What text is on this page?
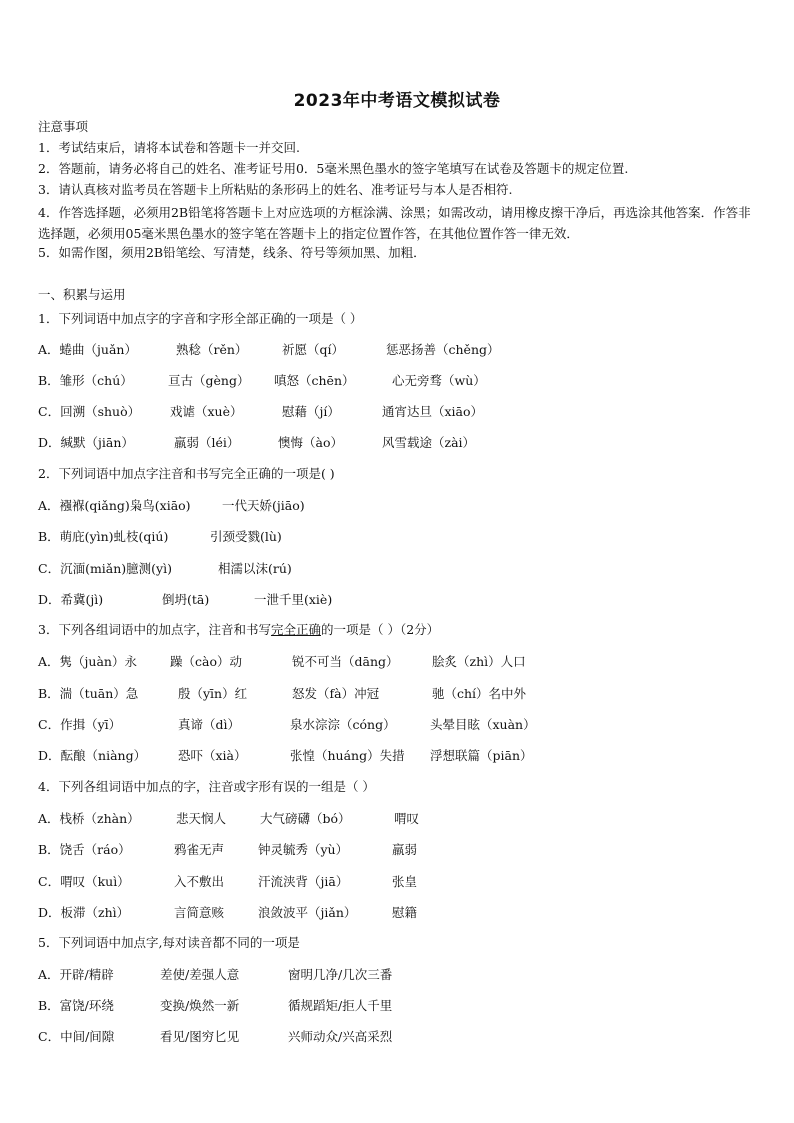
2023年中考语文模拟试卷
注意事项
1．考试结束后，请将本试卷和答题卡一并交回.
2．答题前，请务必将自己的姓名、准考证号用0．5毫米黑色墨水的签字笔填写在试卷及答题卡的规定位置.
3．请认真核对监考员在答题卡上所粘贴的条形码上的姓名、准考证号与本人是否相符.
4．作答选择题，必须用2B铅笔将答题卡上对应选项的方框涂满、涂黑；如需改动，请用橡皮擦干净后，再选涂其他答案．作答非选择题，必须用05毫米黑色墨水的签字笔在答题卡上的指定位置作答，在其他位置作答一律无效．
5．如需作图，须用2B铅笔绘、写清楚，线条、符号等须加黑、加粗．
一、积累与运用
1．下列词语中加点字的字音和字形全部正确的一项是（ ）
A．蜷曲（juǎn）	熟稔（rěn）	祈愿（qí）	惩恶扬善（chěng）
B．雏形（chú）	亘古（gèng） 嗔怒（chēn）	心无旁骛（wù）
C．回溯（shuò） 戏谑（xuè）	慰藉（jí）	通宵达旦（xiāo）
D．缄默（jiān）	羸弱（léi）	懊悔（ào）	风雪载途（zài）
2．下列词语中加点字注音和书写完全正确的一项是( )
A．襁褓(qiǎng)枭鸟(xiāo)	一代天娇(jiāo)
B．萌庇(yìn)虬枝(qiú)	引颈受戮(lù)
C．沉湎(miǎn)臆测(yì)	相濡以沫(rú)
D．希冀(jì)	倒坍(tā)	一泄千里(xiè)
3．下列各组词语中的加点字，注音和书写完全正确的一项是（ ）（2分）
A．隽（juàn）永	躁（cào）动	锐不可当（dāng）	脍炙（zhì）人口
B．湍（tuān）急	殷（yīn）红	怒发（fà）冲冠	驰（chí）名中外
C．作揖（yī）	真谛（dì）	泉水淙淙（cóng）	头晕目眩（xuàn）
D．酝酿（niàng）	恐吓（xià）	张惶（huáng）失措 浮想联篇（piān）
4．下列各组词语中加点的字，注音或字形有误的一组是（ ）
A．栈桥（zhàn）	悲天悯人	大气磅礴（bó）	喟叹
B．饶舌（ráo）	鸦雀无声	钟灵毓秀（yù）	羸弱
C．喟叹（kuì）	入不敷出	汗流浃背（jiā）	张皇
D．板滞（zhì）	言简意赅	浪敛波平（jiǎn）	慰籍
5．下列词语中加点字,每对读音都不同的一项是
A．开辟/精辟	差使/差强人意	窗明几净/几次三番
B．富饶/环绕	变换/焕然一新	循规蹈矩/拒人千里
C．中间/间隙	看见/图穷匕见	兴师动众/兴高采烈
